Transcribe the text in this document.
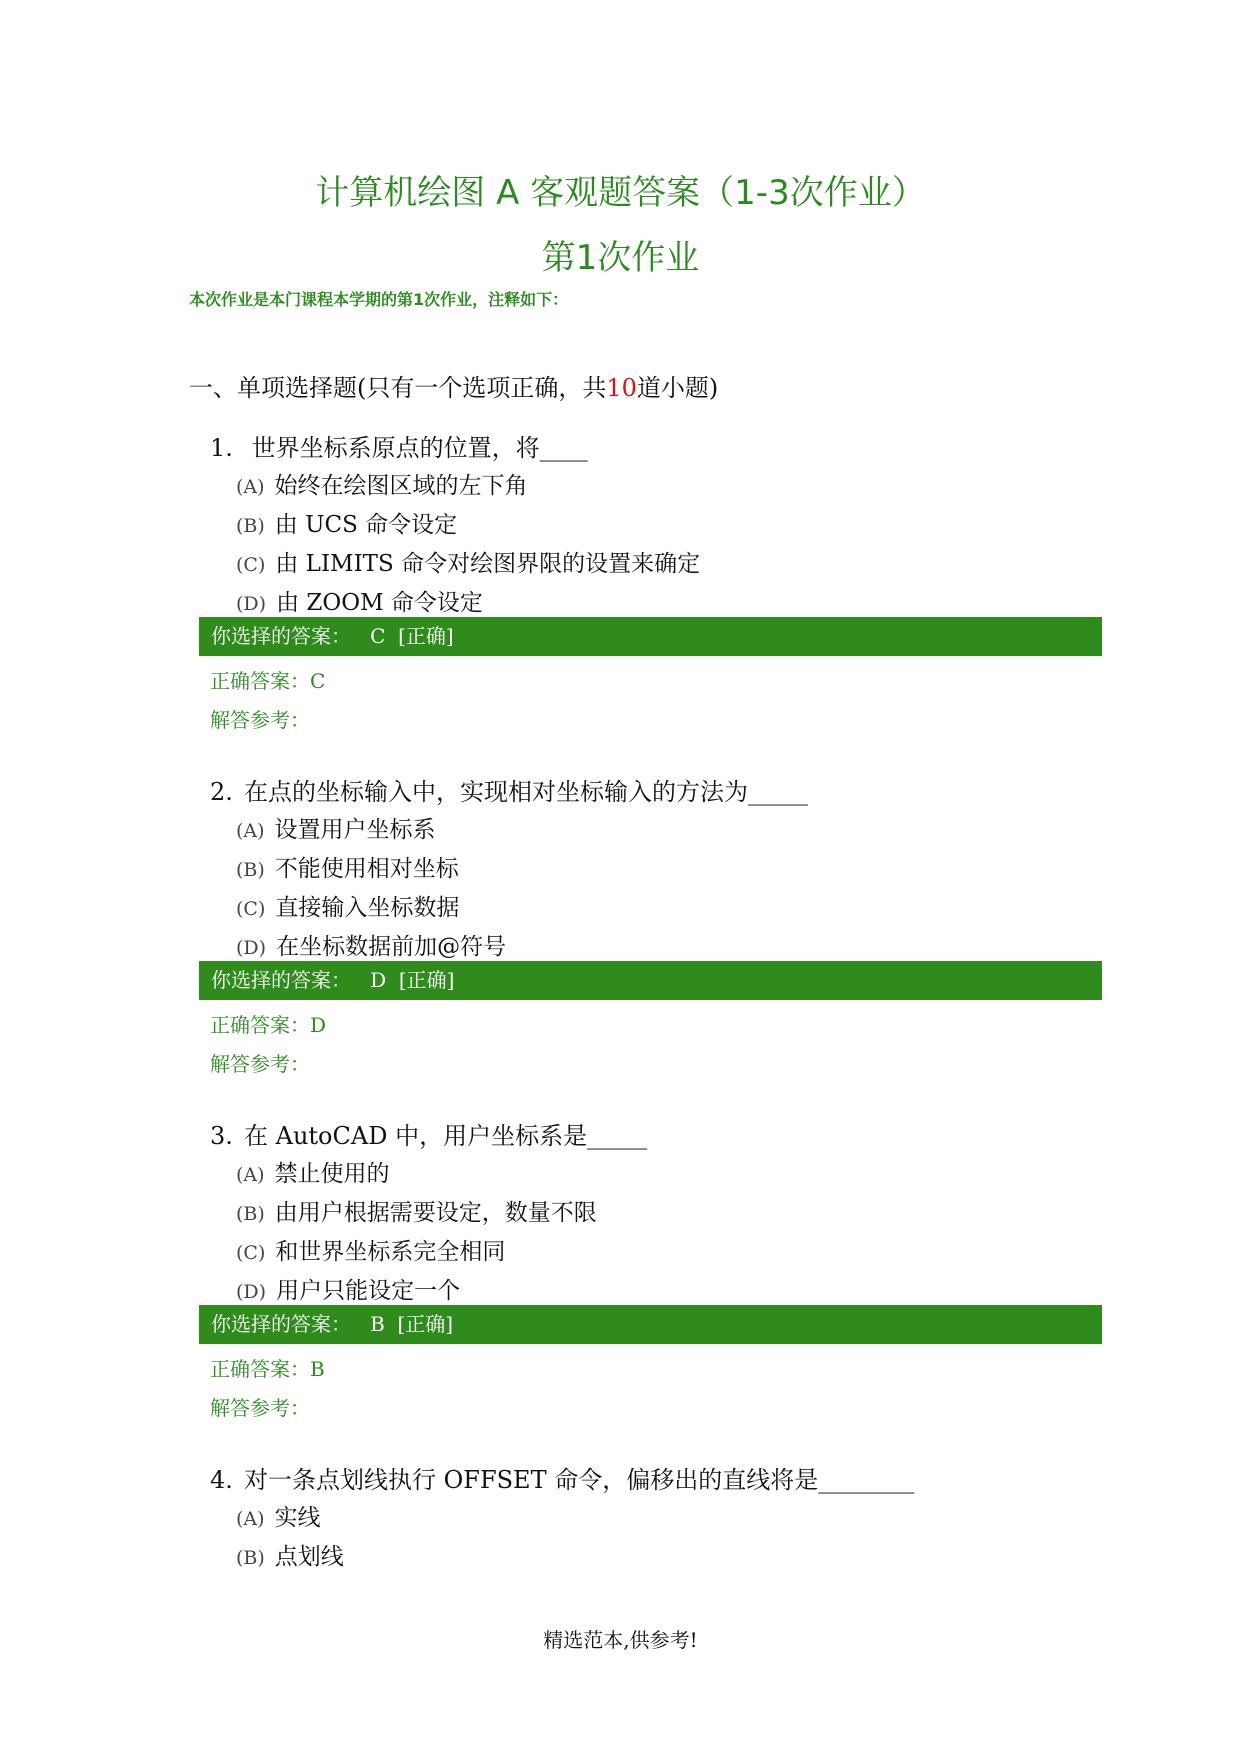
计算机绘图 A 客观题答案（1-3次作业）
第1次作业
本次作业是本门课程本学期的第1次作业，注释如下：
一、单项选择题(只有一个选项正确，共10道小题)
1. 世界坐标系原点的位置，将____
(A) 始终在绘图区域的左下角
(B) 由 UCS 命令设定
(C) 由 LIMITS 命令对绘图界限的设置来确定
(D) 由 ZOOM 命令设定
你选择的答案： C [正确]
正确答案：C
解答参考：
2. 在点的坐标输入中，实现相对坐标输入的方法为_____
(A) 设置用户坐标系
(B) 不能使用相对坐标
(C) 直接输入坐标数据
(D) 在坐标数据前加@符号
你选择的答案： D [正确]
正确答案：D
解答参考：
3. 在 AutoCAD 中，用户坐标系是_____
(A) 禁止使用的
(B) 由用户根据需要设定，数量不限
(C) 和世界坐标系完全相同
(D) 用户只能设定一个
你选择的答案： B [正确]
正确答案：B
解答参考：
4. 对一条点划线执行 OFFSET 命令，偏移出的直线将是________
(A) 实线
(B) 点划线
精选范本,供参考!
